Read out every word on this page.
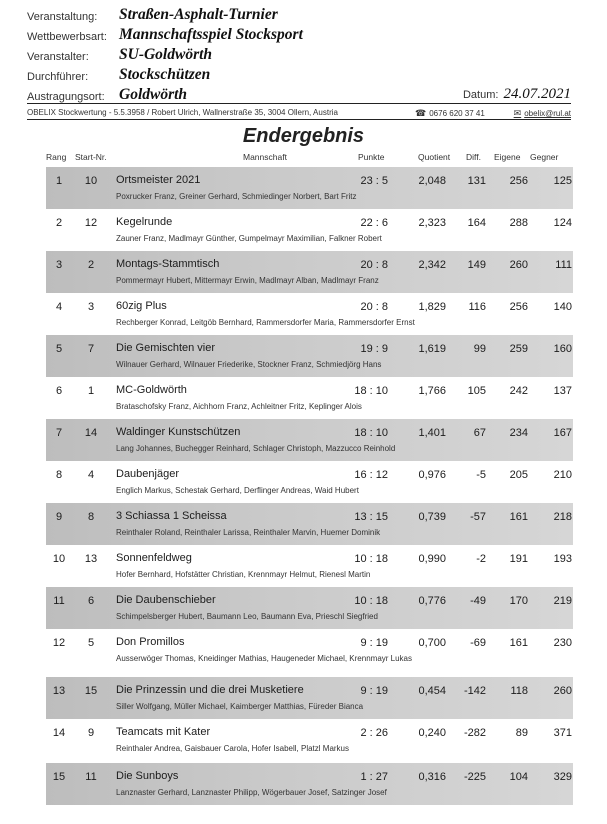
Veranstaltung: Straßen-Asphalt-Turnier
Wettbewerbsart: Mannschaftsspiel Stocksport
Veranstalter: SU-Goldwörth
Durchführer: Stockschützen
Austragungsort: Goldwörth	Datum: 24.07.2021
OBELIX Stockwertung - 5.5.3958 / Robert Ulrich, Wallnerstraße 35, 3004 Ollern, Austria	☎ 0676 620 37 41	✉ obelix@rul.at
Endergebnis
Rang Start-Nr.	Mannschaft	Punkte	Quotient Diff. Eigene Gegner
1	10	Ortsmeister 2021
Poxrucker Franz, Greiner Gerhard, Schmiedinger Norbert, Bart Fritz
23 : 5	2,048	131	256	125
2	12	Kegelrunde
Zauner Franz, Madlmayr Günther, Gumpelmayr Maximilian, Falkner Robert
22 : 6	2,323	164	288	124
3	2	Montags-Stammtisch
Pommermayr Hubert, Mittermayr Erwin, Madlmayr Alban, Madlmayr Franz
20 : 8	2,342	149	260	111
4	3	60zig Plus
Rechberger Konrad, Leitgöb Bernhard, Rammersdorfer Maria, Rammersdorfer Ernst
20 : 8	1,829	116	256	140
5	7	Die Gemischten vier
Wilnauer Gerhard, Wilnauer Friederike, Stockner Franz, Schmiedjörg Hans
19 : 9	1,619	99	259	160
6	1	MC-Goldwörth
Brataschofsky Franz, Aichhorn Franz, Achleitner Fritz, Keplinger Alois
18 : 10	1,766	105	242	137
7	14	Waldinger Kunstschützen
Lang Johannes, Buchegger Reinhard, Schlager Christoph, Mazzucco Reinhold
18 : 10	1,401	67	234	167
8	4	Daubenjäger
Englich Markus, Schestak Gerhard, Derflinger Andreas, Waid Hubert
16 : 12	0,976	-5	205	210
9	8	3 Schiassa 1 Scheissa
Reinthaler Roland, Reinthaler Larissa, Reinthaler Marvin, Huemer Dominik
13 : 15	0,739	-57	161	218
10	13	Sonnenfeldweg
Hofer Bernhard, Hofstätter Christian, Krennmayr Helmut, Rienesl Martin
10 : 18	0,990	-2	191	193
11	6	Die Daubenschieber
Schimpelsberger Hubert, Baumann Leo, Baumann Eva, Prieschl Siegfried
10 : 18	0,776	-49	170	219
12	5	Don Promillos
Ausserwöger Thomas, Kneidinger Mathias, Haugeneder Michael, Krennmayr Lukas
9 : 19	0,700	-69	161	230
13	15	Die Prinzessin und die drei Musketiere
Siller Wolfgang, Müller Michael, Kaimberger Matthias, Füreder Bianca
9 : 19	0,454	-142	118	260
14	9	Teamcats mit Kater
Reinthaler Andrea, Gaisbauer Carola, Hofer Isabell, Platzl Markus
2 : 26	0,240	-282	89	371
15	11	Die Sunboys
Lanznaster Gerhard, Lanznaster Philipp, Wögerbauer Josef, Satzinger Josef
1 : 27	0,316	-225	104	329
